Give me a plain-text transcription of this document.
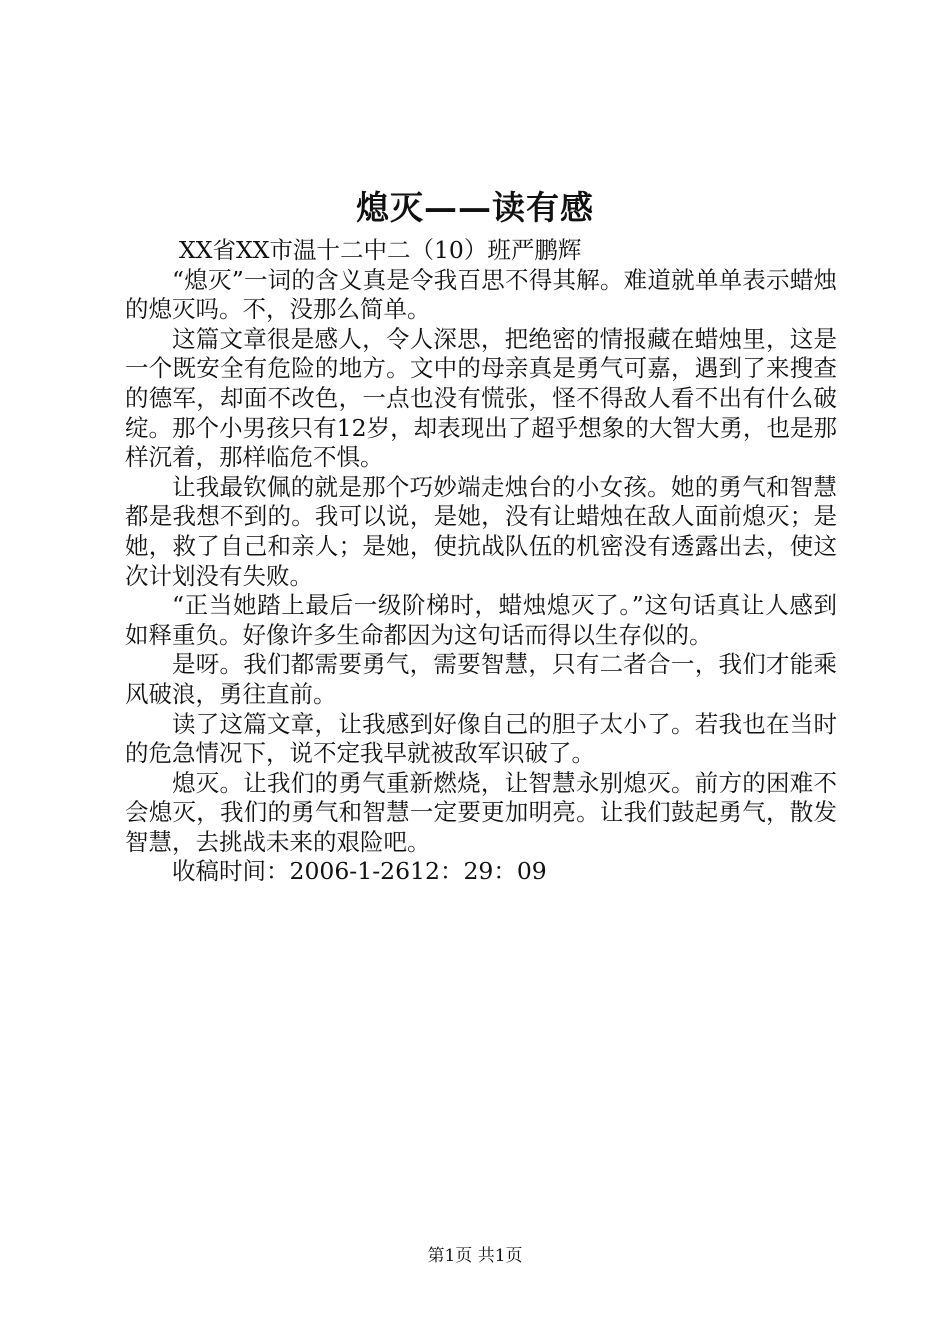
熄灭——读有感

XX省XX市温十二中二（10）班严鹏辉

“熄灭”一词的含义真是令我百思不得其解。难道就单单表示蜡烛的熄灭吗。不，没那么简单。

这篇文章很是感人，令人深思，把绝密的情报藏在蜡烛里，这是一个既安全有危险的地方。文中的母亲真是勇气可嘉，遇到了来搜查的德军，却面不改色，一点也没有慌张，怪不得敌人看不出有什么破绽。那个小男孩只有12岁，却表现出了超乎想象的大智大勇，也是那样沉着，那样临危不惧。

让我最钦佩的就是那个巧妙端走烛台的小女孩。她的勇气和智慧都是我想不到的。我可以说，是她，没有让蜡烛在敌人面前熄灭；是她，救了自己和亲人；是她，使抗战队伍的机密没有透露出去，使这次计划没有失败。

“正当她踏上最后一级阶梯时，蜡烛熄灭了。”这句话真让人感到如释重负。好像许多生命都因为这句话而得以生存似的。

是呀。我们都需要勇气，需要智慧，只有二者合一，我们才能乘风破浪，勇往直前。

读了这篇文章，让我感到好像自己的胆子太小了。若我也在当时的危急情况下，说不定我早就被敌军识破了。

熄灭。让我们的勇气重新燃烧，让智慧永别熄灭。前方的困难不会熄灭，我们的勇气和智慧一定要更加明亮。让我们鼓起勇气，散发智慧，去挑战未来的艰险吧。

收稿时间：2006-1-2612：29：09

第1页 共1页
